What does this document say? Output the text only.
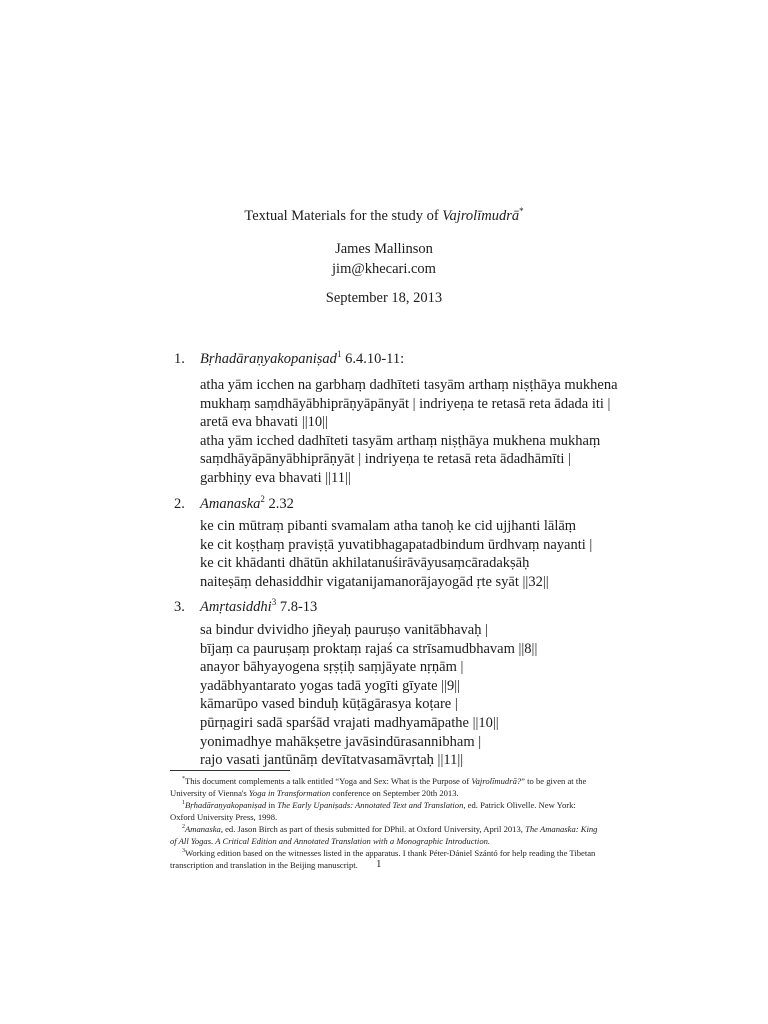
Textual Materials for the study of Vajrolīmudrā*
James Mallinson
jim@khecari.com
September 18, 2013
1. Bṛhadāraṇyakopaniṣad$^1$ 6.4.10-11:
atha yām icchen na garbhaṃ dadhīteti tasyām arthaṃ niṣṭhāya mukhena
mukhaṃ saṃdhāyābhiprāṇyāpānyāt | indriyeṇa te retasā reta ādada iti |
aretā eva bhavati ||10||
atha yām icched dadhīteti tasyām arthaṃ niṣṭhāya mukhena mukhaṃ
saṃdhāyāpānyābhiprāṇyāt | indriyeṇa te retasā reta ādadhāmīti |
garbhiṇy eva bhavati ||11||
2. Amanaska$^2$ 2.32
ke cin mūtraṃ pibanti svamalam atha tanoḥ ke cid ujjhanti lālāṃ
ke cit koṣṭhaṃ praviṣṭā yuvatibhagapatadbindum ūrdhvaṃ nayanti |
ke cit khādanti dhātūn akhilatanuśirāvāyusaṃcāradakṣāḥ
naiteṣāṃ dehasiddhir vigatanijamanorājayogād ṛte syāt ||32||
3. Amṛtasiddhi$^3$ 7.8-13
sa bindur dvividho jñeyaḥ pauruṣo vanitābhavaḥ |
bījaṃ ca pauruṣaṃ proktaṃ rajaś ca strīsamudbhavam ||8||
anayor bāhyayogena sṛṣṭiḥ saṃjāyate nṛṇām |
yadābhyantarato yogas tadā yogīti gīyate ||9||
kāmarūpo vased binduḥ kūṭāgārasya koṭare |
pūrṇagiri sadā sparśād vrajati madhyamāpathe ||10||
yonimadhye mahākṣetre javāsindūrasannibham |
rajo vasati jantūnāṃ devītatvasamāvṛtaḥ ||11||
*This document complements a talk entitled “Yoga and Sex: What is the Purpose of Vajrolīmudrā?” to be given at the University of Vienna's Yoga in Transformation conference on September 20th 2013.
$^1$Bṛhadāraṇyakopaniṣad in The Early Upaniṣads: Annotated Text and Translation, ed. Patrick Olivelle. New York: Oxford University Press, 1998.
$^2$Amanaska, ed. Jason Birch as part of thesis submitted for DPhil. at Oxford University, April 2013, The Amanaska: King of All Yogas. A Critical Edition and Annotated Translation with a Monographic Introduction.
$^3$Working edition based on the witnesses listed in the apparatus. I thank Péter-Dániel Szántó for help reading the Tibetan transcription and translation in the Beijing manuscript.	1
